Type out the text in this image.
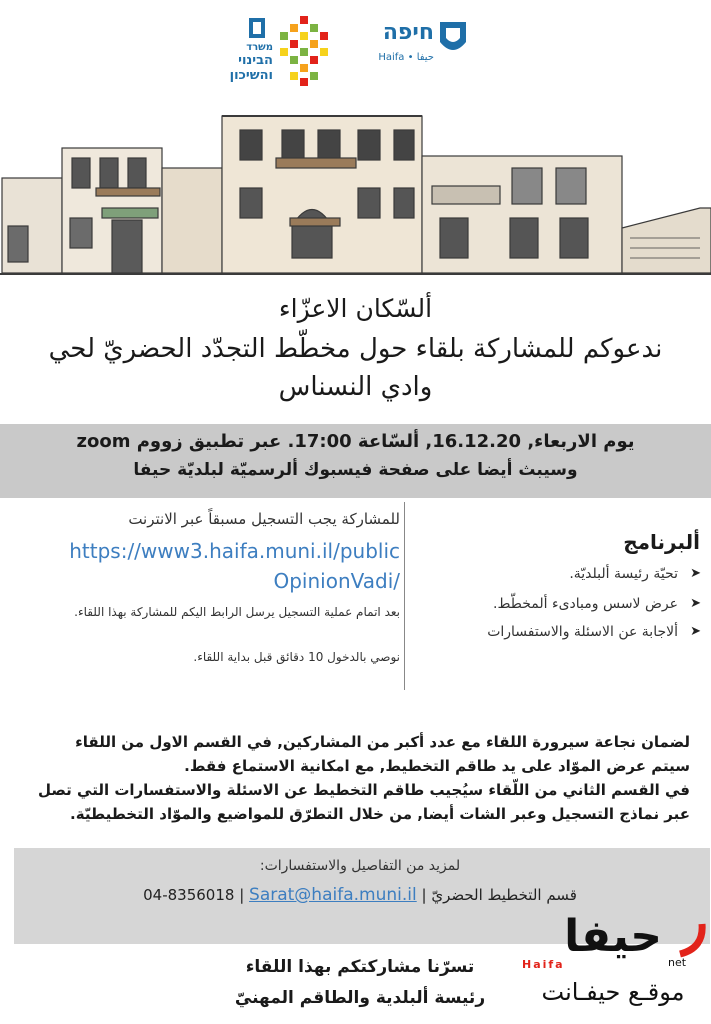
משרד
הבינוי
והשיכון
חיפה
Haifa • حيفا
ألسّكان الاعزّاء
ندعوكم للمشاركة بلقاء حول مخطّط التجدّد الحضريّ لحي
وادي النسناس
يوم الاربعاء, 16.12.20, ألسّاعة 17:00. عبر تطبيق زووم zoom
وسيبث أيضا على صفحة فيسبوك ألرسميّة لبلديّة حيفا
للمشاركة يجب التسجيل مسبقاً عبر الانترنت
https://www3.haifa.muni.il/public
OpinionVadi/
بعد اتمام عملية التسجيل يرسل الرابط اليكم للمشاركة بهذا اللقاء.
نوصي بالدخول 10 دقائق قبل بداية اللقاء.
ألبرنامج
➤
تحيّة رئيسة ألبلديّة.
➤
عرض لاسس ومبادىء ألمخطّط.
➤
ألاجابة عن الاسئلة والاستفسارات
لضمان نجاعة سيرورة اللقاء مع عدد أكبر من المشاركين, في القسم الاول من اللقاء
سيتم عرض الموّاد على يد طاقم التخطيط, مع امكانية الاستماع فقط.
في القسم الثاني من اللّقاء سيُجيب طاقم التخطيط عن الاسئلة والاستفسارات التي تصل
عبر نماذج التسجيل وعبر الشات أيضا, من خلال التطرّق للمواضيع والموّاد التخطيطيّة.
لمزيد من التفاصيل والاستفسارات:
قسم التخطيط الحضريّ | 04-8356018 | Sarat@haifa.muni.il
تسرّنا مشاركتكم بهذا اللقاء
رئيسة ألبلدية والطاقم المهنيّ
حيفا
Haifa	net
موقـع حيفـانت
